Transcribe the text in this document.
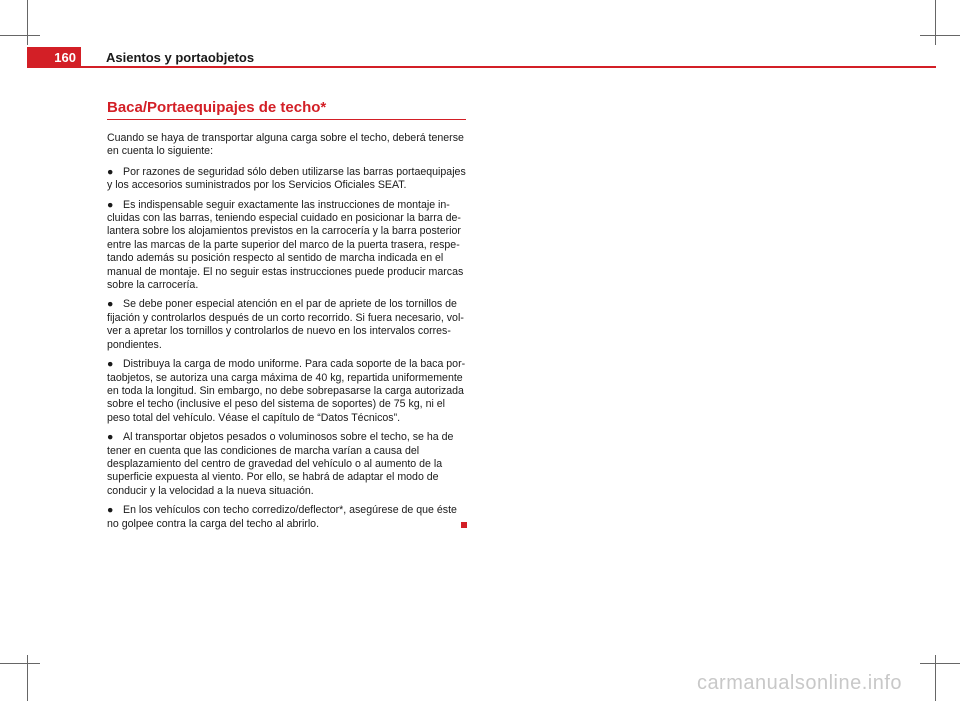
160	Asientos y portaobjetos
Baca/Portaequipajes de techo*

Cuando se haya de transportar alguna carga sobre el techo, deberá tenerse en cuenta lo siguiente:

● Por razones de seguridad sólo deben utilizarse las barras portaequipajes y los accesorios suministrados por los Servicios Oficiales SEAT.
● Es indispensable seguir exactamente las instrucciones de montaje incluidas con las barras, teniendo especial cuidado en posicionar la barra delantera sobre los alojamientos previstos en la carrocería y la barra posterior entre las marcas de la parte superior del marco de la puerta trasera, respetando además su posición respecto al sentido de marcha indicada en el manual de montaje. El no seguir estas instrucciones puede producir marcas sobre la carrocería.
● Se debe poner especial atención en el par de apriete de los tornillos de fijación y controlarlos después de un corto recorrido. Si fuera necesario, volver a apretar los tornillos y controlarlos de nuevo en los intervalos correspondientes.
● Distribuya la carga de modo uniforme. Para cada soporte de la baca portaobjetos, se autoriza una carga máxima de 40 kg, repartida uniformemente en toda la longitud. Sin embargo, no debe sobrepasarse la carga autorizada sobre el techo (inclusive el peso del sistema de soportes) de 75 kg, ni el peso total del vehículo. Véase el capítulo de “Datos Técnicos”.
● Al transportar objetos pesados o voluminosos sobre el techo, se ha de tener en cuenta que las condiciones de marcha varían a causa del desplazamiento del centro de gravedad del vehículo o al aumento de la superficie expuesta al viento. Por ello, se habrá de adaptar el modo de conducir y la velocidad a la nueva situación.
● En los vehículos con techo corredizo/deflector*, asegúrese de que éste no golpee contra la carga del techo al abrirlo.
carmanualsonline.info
